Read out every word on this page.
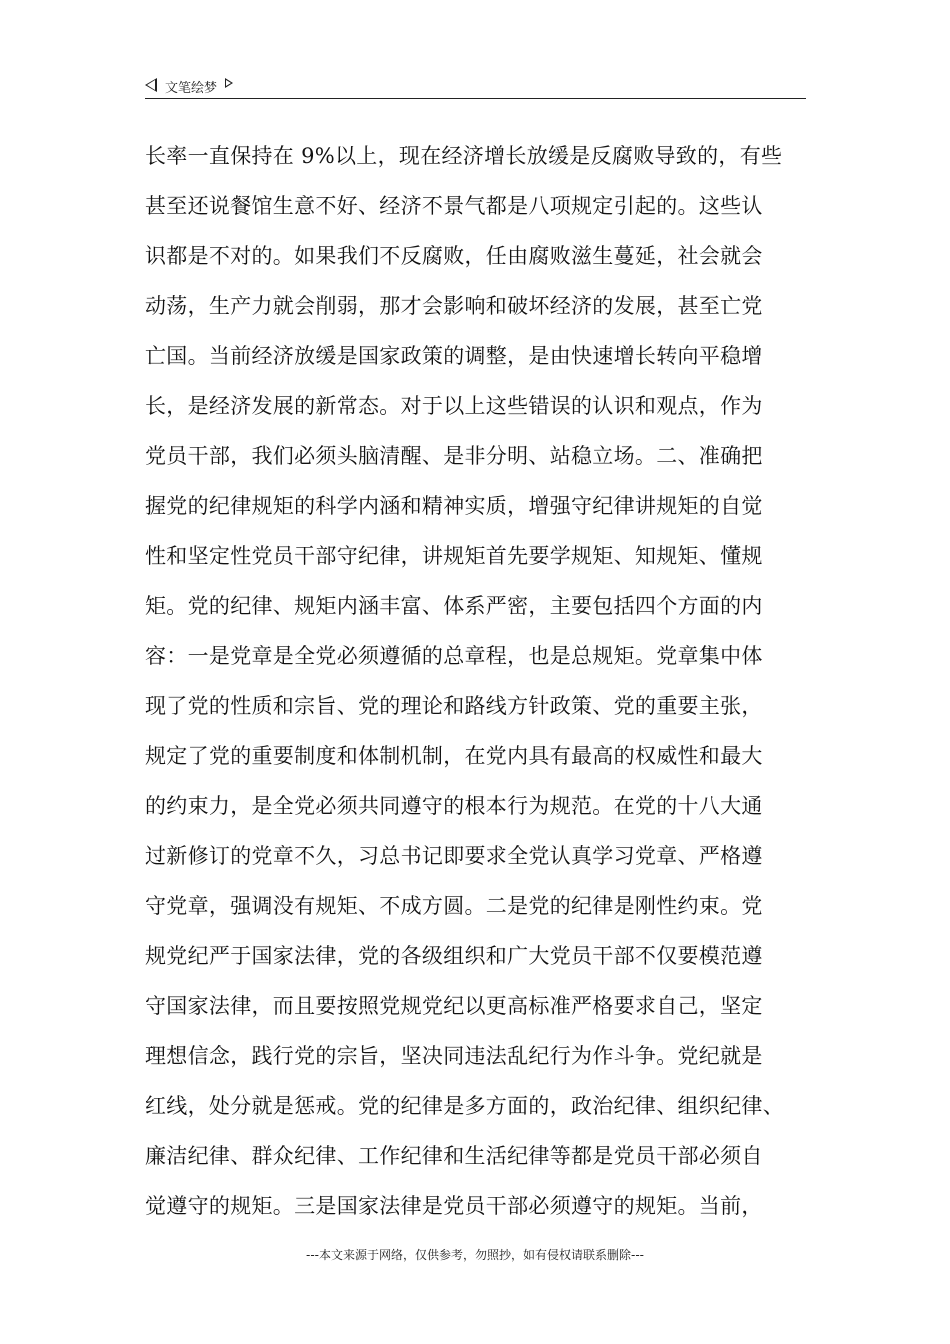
文笔绘梦
长率一直保持在 9%以上，现在经济增长放缓是反腐败导致的，有些
甚至还说餐馆生意不好、经济不景气都是八项规定引起的。这些认
识都是不对的。如果我们不反腐败，任由腐败滋生蔓延，社会就会
动荡，生产力就会削弱，那才会影响和破坏经济的发展，甚至亡党
亡国。当前经济放缓是国家政策的调整，是由快速增长转向平稳增
长，是经济发展的新常态。对于以上这些错误的认识和观点，作为
党员干部，我们必须头脑清醒、是非分明、站稳立场。二、准确把
握党的纪律规矩的科学内涵和精神实质，增强守纪律讲规矩的自觉
性和坚定性党员干部守纪律，讲规矩首先要学规矩、知规矩、懂规
矩。党的纪律、规矩内涵丰富、体系严密，主要包括四个方面的内
容：一是党章是全党必须遵循的总章程，也是总规矩。党章集中体
现了党的性质和宗旨、党的理论和路线方针政策、党的重要主张，
规定了党的重要制度和体制机制，在党内具有最高的权威性和最大
的约束力，是全党必须共同遵守的根本行为规范。在党的十八大通
过新修订的党章不久，习总书记即要求全党认真学习党章、严格遵
守党章，强调没有规矩、不成方圆。二是党的纪律是刚性约束。党
规党纪严于国家法律，党的各级组织和广大党员干部不仅要模范遵
守国家法律，而且要按照党规党纪以更高标准严格要求自己，坚定
理想信念，践行党的宗旨，坚决同违法乱纪行为作斗争。党纪就是
红线，处分就是惩戒。党的纪律是多方面的，政治纪律、组织纪律、
廉洁纪律、群众纪律、工作纪律和生活纪律等都是党员干部必须自
觉遵守的规矩。三是国家法律是党员干部必须遵守的规矩。当前，
---本文来源于网络，仅供参考，勿照抄，如有侵权请联系删除---
